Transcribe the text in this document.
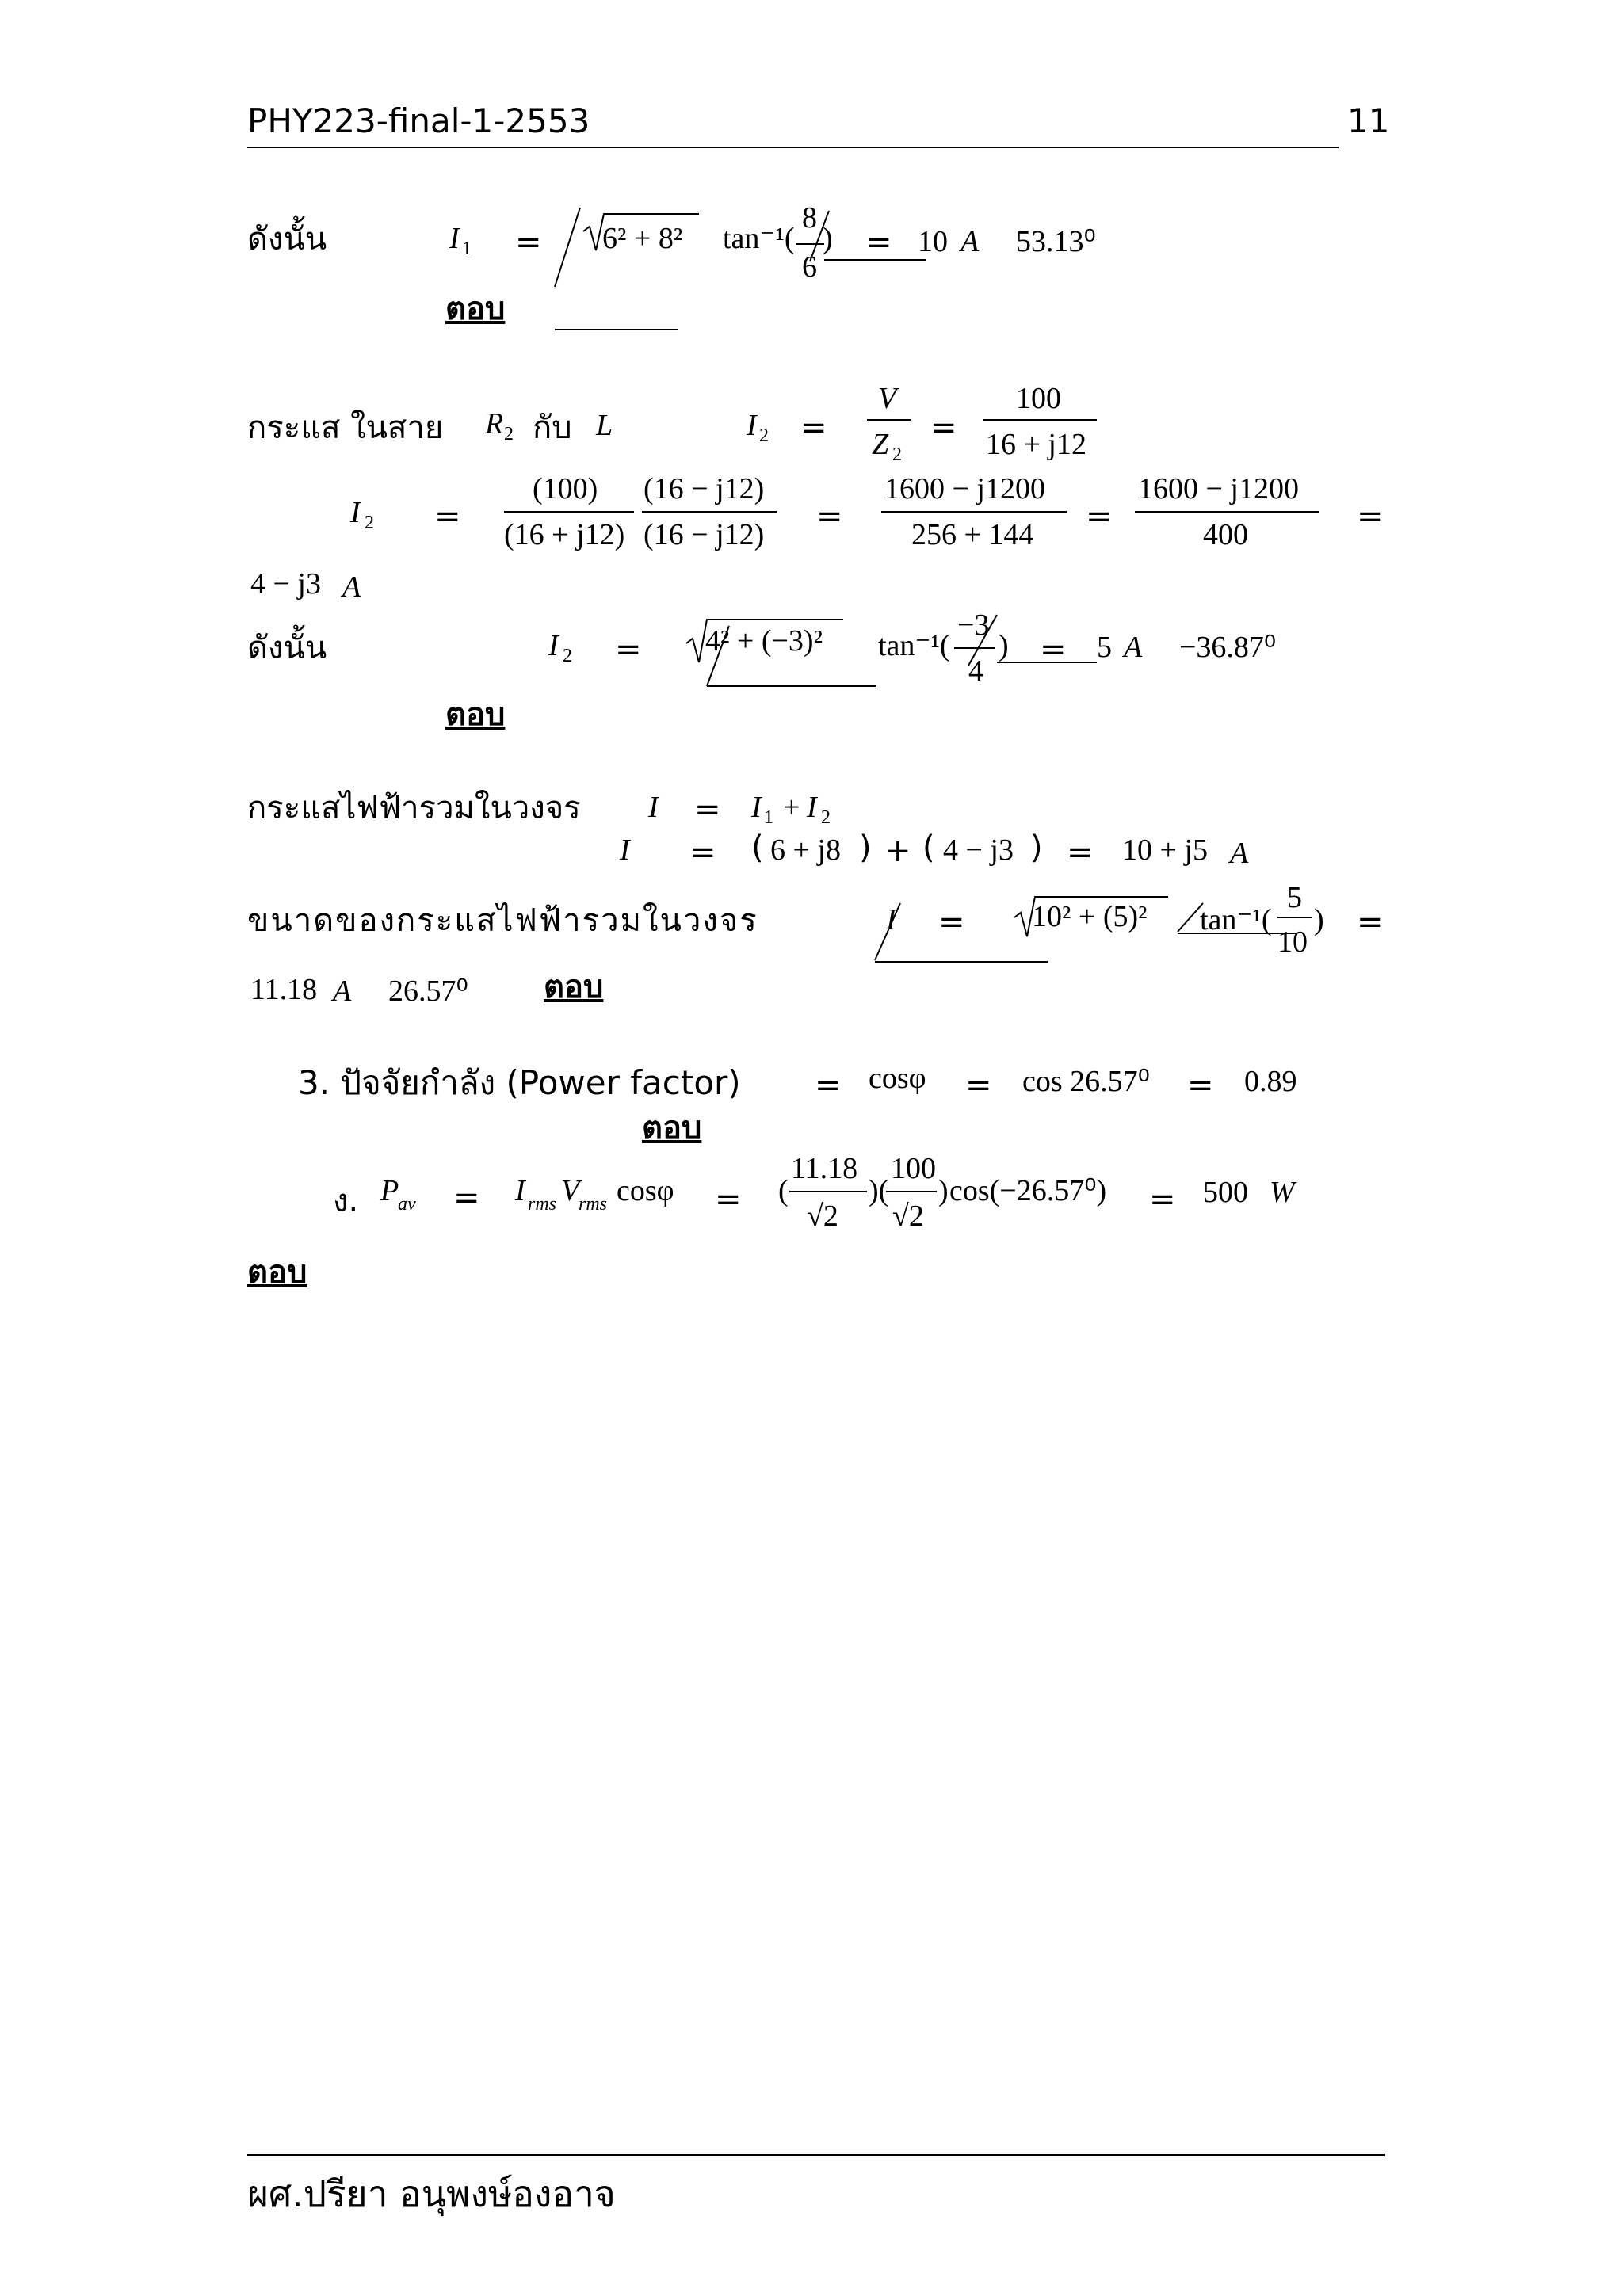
PHY223-final-1-2553	11
ดังนั้น	I 1 = 6² + 8² tan⁻¹(
8
6
) = 10 A 53.13⁰
ตอบ
กระแส ในสาย R 2 กับ L	I 2 =
V
Z 2
=
100
16 + j12
I 2 =
(100)
(16 + j12)
(16 − j12)
(16 − j12) =
1600 − j1200
256 + 144 =
1600 − j1200
400	=
4 − j3 A
ดังนั้น	I 2 = 4² + (−3)² tan⁻¹(
−3
4
) = 5 A −36.87⁰
ตอบ
กระแสไฟฟ้ารวมในวงจร I = I 1 + I 2
I = ( 6 + j8 ) + ( 4 − j3 ) = 10 + j5 A
ขนาดของกระแสไฟฟ้ารวมในวงจร	I = 10² + (5)² tan⁻¹(
5
10
) =
11.18 A 26.57⁰ ตอบ
3. ปัจจัยกำลัง (Power factor) = cosφ = cos 26.57⁰ = 0.89
ตอบ
ง. P
av = I rms V
rms cosφ = (
11.18
√2
)(
100
√2
) cos(−26.57⁰) = 500 W
ตอบ
ผศ.ปรียา อนุพงษ์องอาจ
